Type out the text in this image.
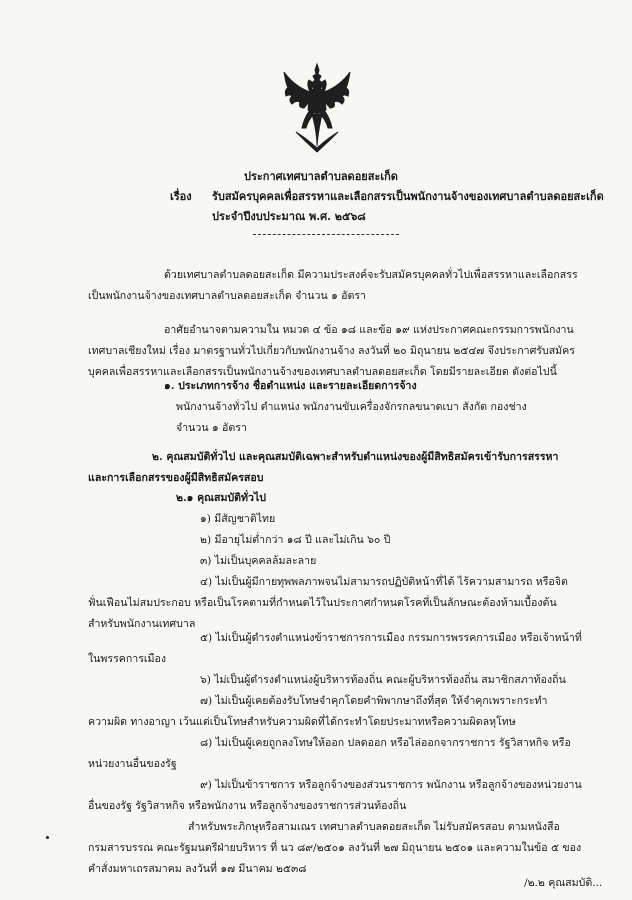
ประกาศเทศบาลตำบลดอยสะเก็ด
เรื่อง รับสมัครบุคคลเพื่อสรรหาและเลือกสรรเป็นพนักงานจ้างของเทศบาลตำบลดอยสะเก็ด
ประจำปีงบประมาณ พ.ศ. ๒๕๖๘
ด้วยเทศบาลตำบลดอยสะเก็ด มีความประสงค์จะรับสมัครบุคคลทั่วไปเพื่อสรรหาและเลือกสรร
เป็นพนักงานจ้างของเทศบาลตำบลดอยสะเก็ด จำนวน ๑ อัตรา
อาศัยอำนาจตามความใน หมวด ๔ ข้อ ๑๘ และข้อ ๑๙ แห่งประกาศคณะกรรมการพนักงาน
เทศบาลเชียงใหม่ เรื่อง มาตรฐานทั่วไปเกี่ยวกับพนักงานจ้าง ลงวันที่ ๒๐ มิถุนายน ๒๕๔๗ จึงประกาศรับสมัคร
บุคคลเพื่อสรรหาและเลือกสรรเป็นพนักงานจ้างของเทศบาลตำบลดอยสะเก็ด โดยมีรายละเอียด ดังต่อไปนี้
๑. ประเภทการจ้าง ชื่อตำแหน่ง และรายละเอียดการจ้าง
พนักงานจ้างทั่วไป ตำแหน่ง พนักงานขับเครื่องจักรกลขนาดเบา สังกัด กองช่าง
จำนวน ๑ อัตรา
๒. คุณสมบัติทั่วไป และคุณสมบัติเฉพาะสำหรับตำแหน่งของผู้มีสิทธิสมัครเข้ารับการสรรหา
และการเลือกสรรของผู้มีสิทธิสมัครสอบ
๒.๑ คุณสมบัติทั่วไป
๑) มีสัญชาติไทย
๒) มีอายุไม่ต่ำกว่า ๑๘ ปี และไม่เกิน ๖๐ ปี
๓) ไม่เป็นบุคคลล้มละลาย
๔) ไม่เป็นผู้มีกายทุพพลภาพจนไม่สามารถปฏิบัติหน้าที่ได้ ไร้ความสามารถ หรือจิต
ฟั่นเฟือนไม่สมประกอบ หรือเป็นโรคตามที่กำหนดไว้ในประกาศกำหนดโรคที่เป็นลักษณะต้องห้ามเบื้องต้น
สำหรับพนักงานเทศบาล
๕) ไม่เป็นผู้ดำรงตำแหน่งข้าราชการการเมือง กรรมการพรรคการเมือง หรือเจ้าหน้าที่
ในพรรคการเมือง
๖) ไม่เป็นผู้ดำรงตำแหน่งผู้บริหารท้องถิ่น คณะผู้บริหารท้องถิ่น สมาชิกสภาท้องถิ่น
๗) ไม่เป็นผู้เคยต้องรับโทษจำคุกโดยคำพิพากษาถึงที่สุด ให้จำคุกเพราะกระทำ
ความผิด ทางอาญา เว้นแต่เป็นโทษสำหรับความผิดที่ได้กระทำโดยประมาทหรือความผิดลหุโทษ
๘) ไม่เป็นผู้เคยถูกลงโทษให้ออก ปลดออก หรือไล่ออกจากราชการ รัฐวิสาหกิจ หรือ
หน่วยงานอื่นของรัฐ
๙) ไม่เป็นข้าราชการ หรือลูกจ้างของส่วนราชการ พนักงาน หรือลูกจ้างของหน่วยงาน
อื่นของรัฐ รัฐวิสาหกิจ หรือพนักงาน หรือลูกจ้างของราชการส่วนท้องถิ่น
สำหรับพระภิกษุหรือสามเณร เทศบาลตำบลดอยสะเก็ด ไม่รับสมัครสอบ ตามหนังสือ
กรมสารบรรณ คณะรัฐมนตรีฝ่ายบริหาร ที่ นว ๘๙/๒๕๐๑ ลงวันที่ ๒๗ มิถุนายน ๒๕๐๑ และความในข้อ ๕ ของ
คำสั่งมหาเถรสมาคม ลงวันที่ ๑๗ มีนาคม ๒๕๓๘
/๒.๒ คุณสมบัติ...
